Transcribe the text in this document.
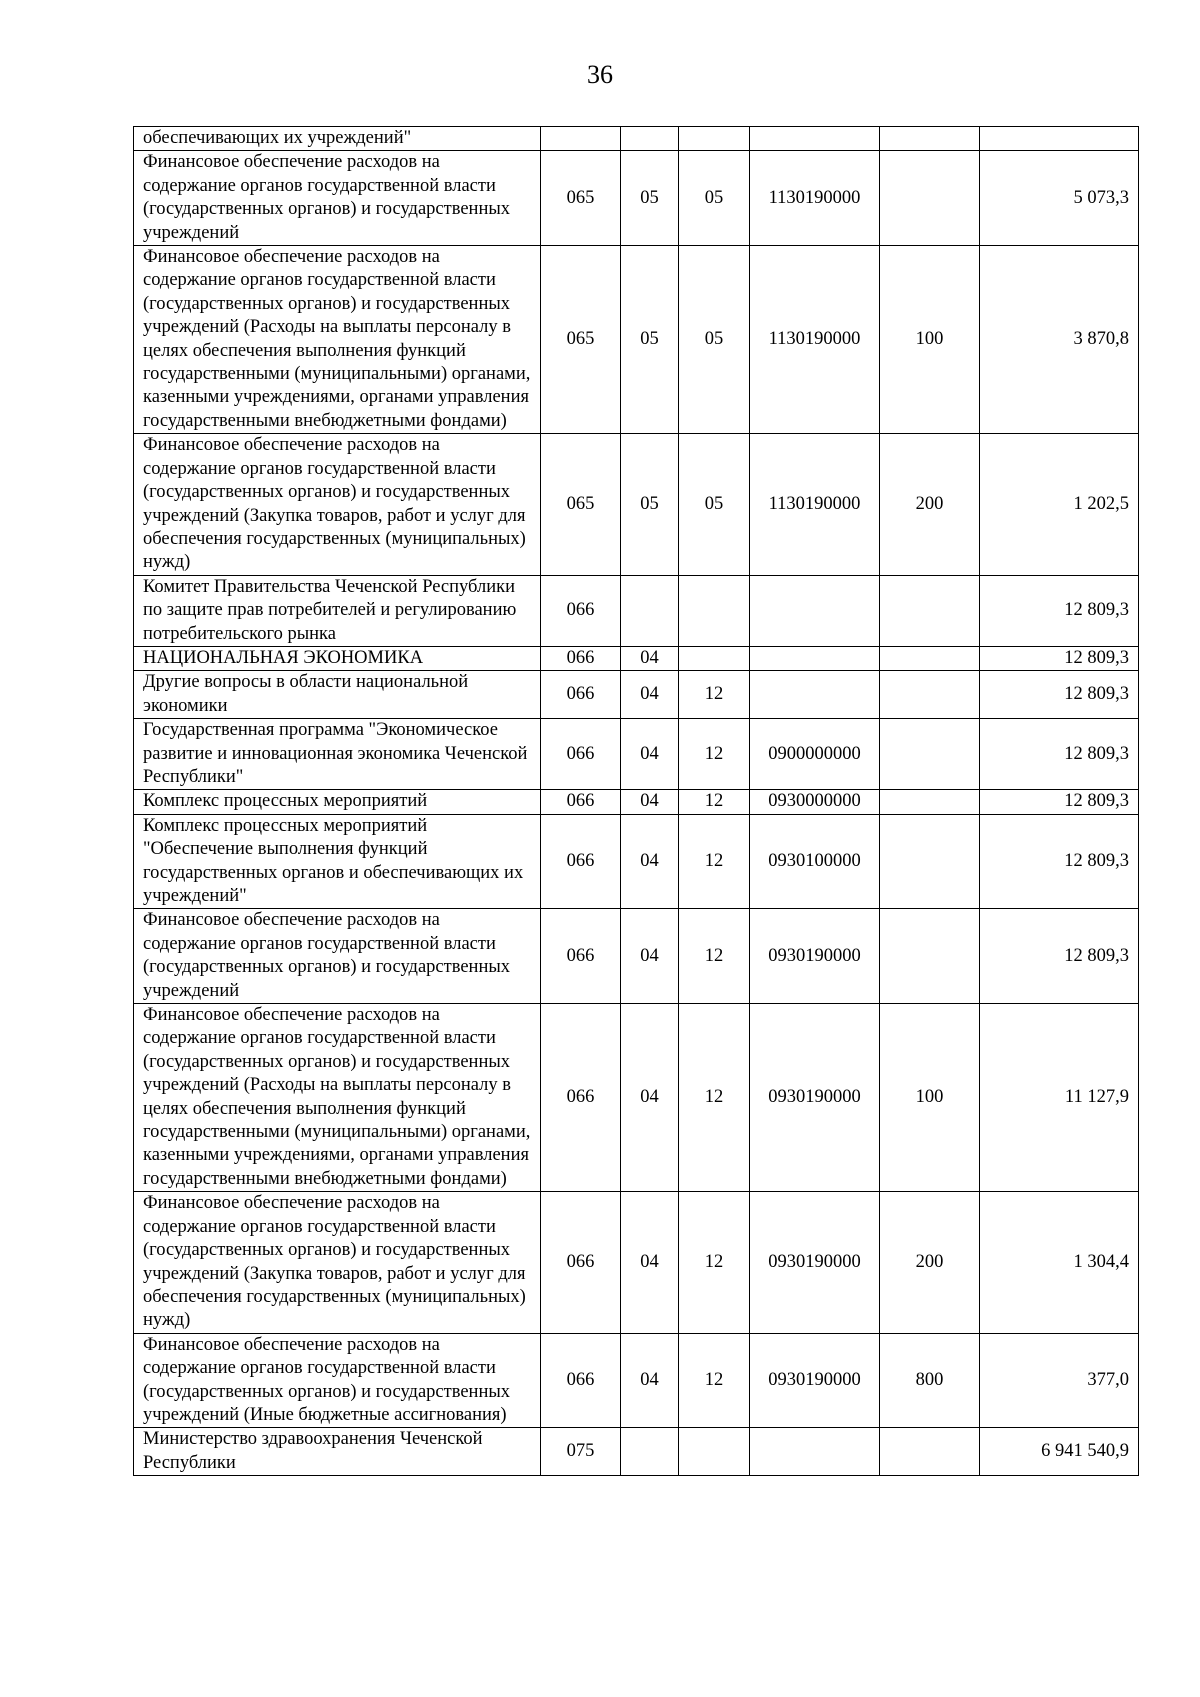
36
обеспечивающих их учреждений"						
Финансовое обеспечение расходов на содержание органов государственной власти (государственных органов) и государственных учреждений	065	05	05	1130190000		5 073,3
Финансовое обеспечение расходов на содержание органов государственной власти (государственных органов) и государственных учреждений (Расходы на выплаты персоналу в целях обеспечения выполнения функций государственными (муниципальными) органами, казенными учреждениями, органами управления государственными внебюджетными фондами)	065	05	05	1130190000	100	3 870,8
Финансовое обеспечение расходов на содержание органов государственной власти (государственных органов) и государственных учреждений (Закупка товаров, работ и услуг для обеспечения государственных (муниципальных) нужд)	065	05	05	1130190000	200	1 202,5
Комитет Правительства Чеченской Республики по защите прав потребителей и регулированию потребительского рынка	066					12 809,3
НАЦИОНАЛЬНАЯ ЭКОНОМИКА	066	04				12 809,3
Другие вопросы в области национальной экономики	066	04	12			12 809,3
Государственная программа "Экономическое развитие и инновационная экономика Чеченской Республики"	066	04	12	0900000000		12 809,3
Комплекс процессных мероприятий	066	04	12	0930000000		12 809,3
Комплекс процессных мероприятий "Обеспечение выполнения функций государственных органов и обеспечивающих их учреждений"	066	04	12	0930100000		12 809,3
Финансовое обеспечение расходов на содержание органов государственной власти (государственных органов) и государственных учреждений	066	04	12	0930190000		12 809,3
Финансовое обеспечение расходов на содержание органов государственной власти (государственных органов) и государственных учреждений (Расходы на выплаты персоналу в целях обеспечения выполнения функций государственными (муниципальными) органами, казенными учреждениями, органами управления государственными внебюджетными фондами)	066	04	12	0930190000	100	11 127,9
Финансовое обеспечение расходов на содержание органов государственной власти (государственных органов) и государственных учреждений (Закупка товаров, работ и услуг для обеспечения государственных (муниципальных) нужд)	066	04	12	0930190000	200	1 304,4
Финансовое обеспечение расходов на содержание органов государственной власти (государственных органов) и государственных учреждений (Иные бюджетные ассигнования)	066	04	12	0930190000	800	377,0
Министерство здравоохранения Чеченской Республики	075					6 941 540,9
